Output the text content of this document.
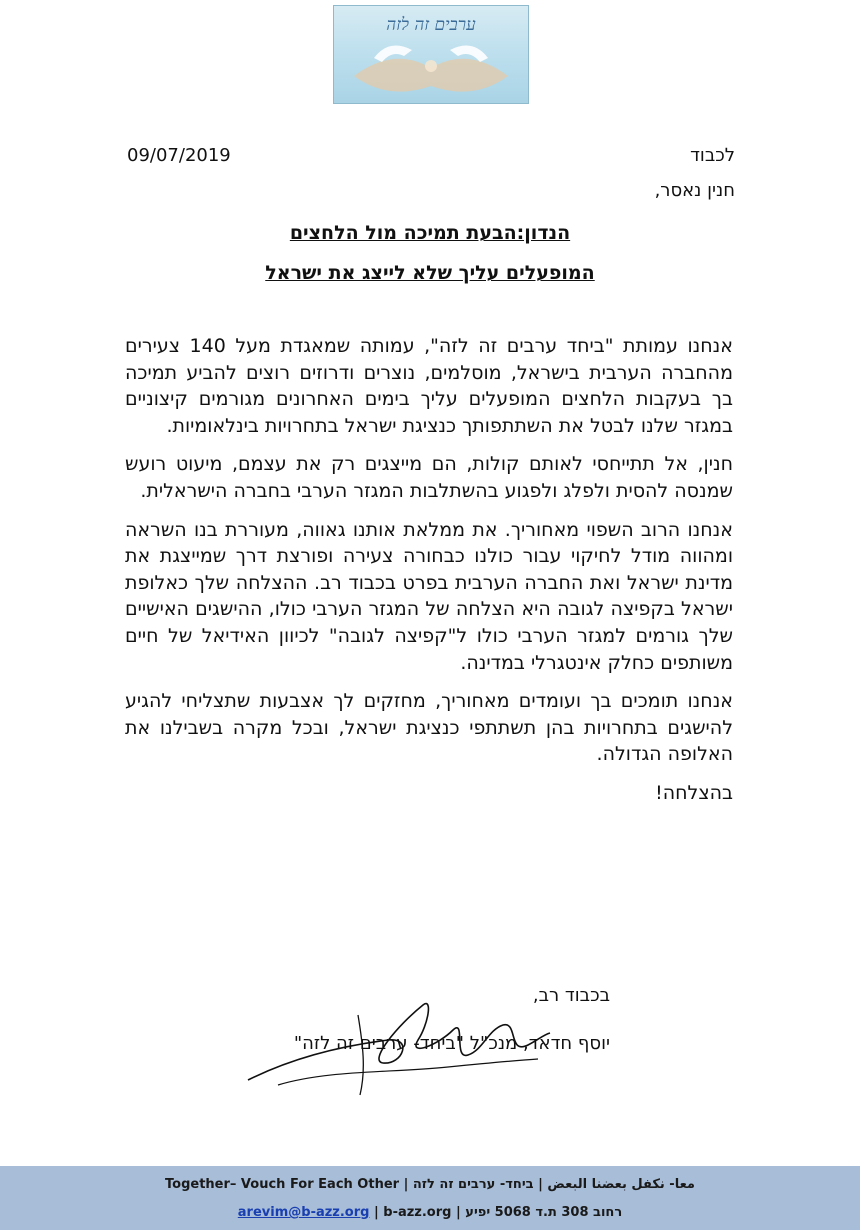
ערבים זה לזה
09/07/2019	לכבוד
חנין נאסר,
הנדון:הבעת תמיכה מול הלחצים
המופעלים עליך שלא לייצג את ישראל

אנחנו עמותת "ביחד ערבים זה לזה", עמותה שמאגדת מעל 140 צעירים מהחברה הערבית בישראל, מוסלמים, נוצרים ודרוזים רוצים להביע תמיכה בך בעקבות הלחצים המופעלים עליך בימים האחרונים מגורמים קיצוניים במגזר שלנו לבטל את השתתפותך כנציגת ישראל בתחרויות בינלאומיות.

חנין, אל תתייחסי לאותם קולות, הם מייצגים רק את עצמם, מיעוט רועש שמנסה להסית ולפלג ולפגוע בהשתלבות המגזר הערבי בחברה הישראלית.

אנחנו הרוב השפוי מאחוריך. את ממלאת אותנו גאווה, מעוררת בנו השראה ומהווה מודל לחיקוי עבור כולנו כבחורה צעירה ופורצת דרך שמייצגת את מדינת ישראל ואת החברה הערבית בפרט בכבוד רב. ההצלחה שלך כאלופת ישראל בקפיצה לגובה היא הצלחה של המגזר הערבי כולו, ההישגים האישיים שלך גורמים למגזר הערבי כולו ל"קפיצה לגובה" לכיוון האידיאל של חיים משותפים כחלק אינטגרלי במדינה.

אנחנו תומכים בך ועומדים מאחוריך, מחזקים לך אצבעות שתצליחי להגיע להישגים בתחרויות בהן תשתתפי כנציגת ישראל, ובכל מקרה בשבילנו את האלופה הגדולה.

בהצלחה!

בכבוד רב,
יוסף חדאד, מנכ"ל "ביחד- ערבים זה לזה"
معا- نكفل بعضنا البعض | ביחד- ערבים זה לזה | Together– Vouch For Each Other
רחוב 308 ת.ד 5068 יפיע | arevim@b-azz.org | b-azz.org
